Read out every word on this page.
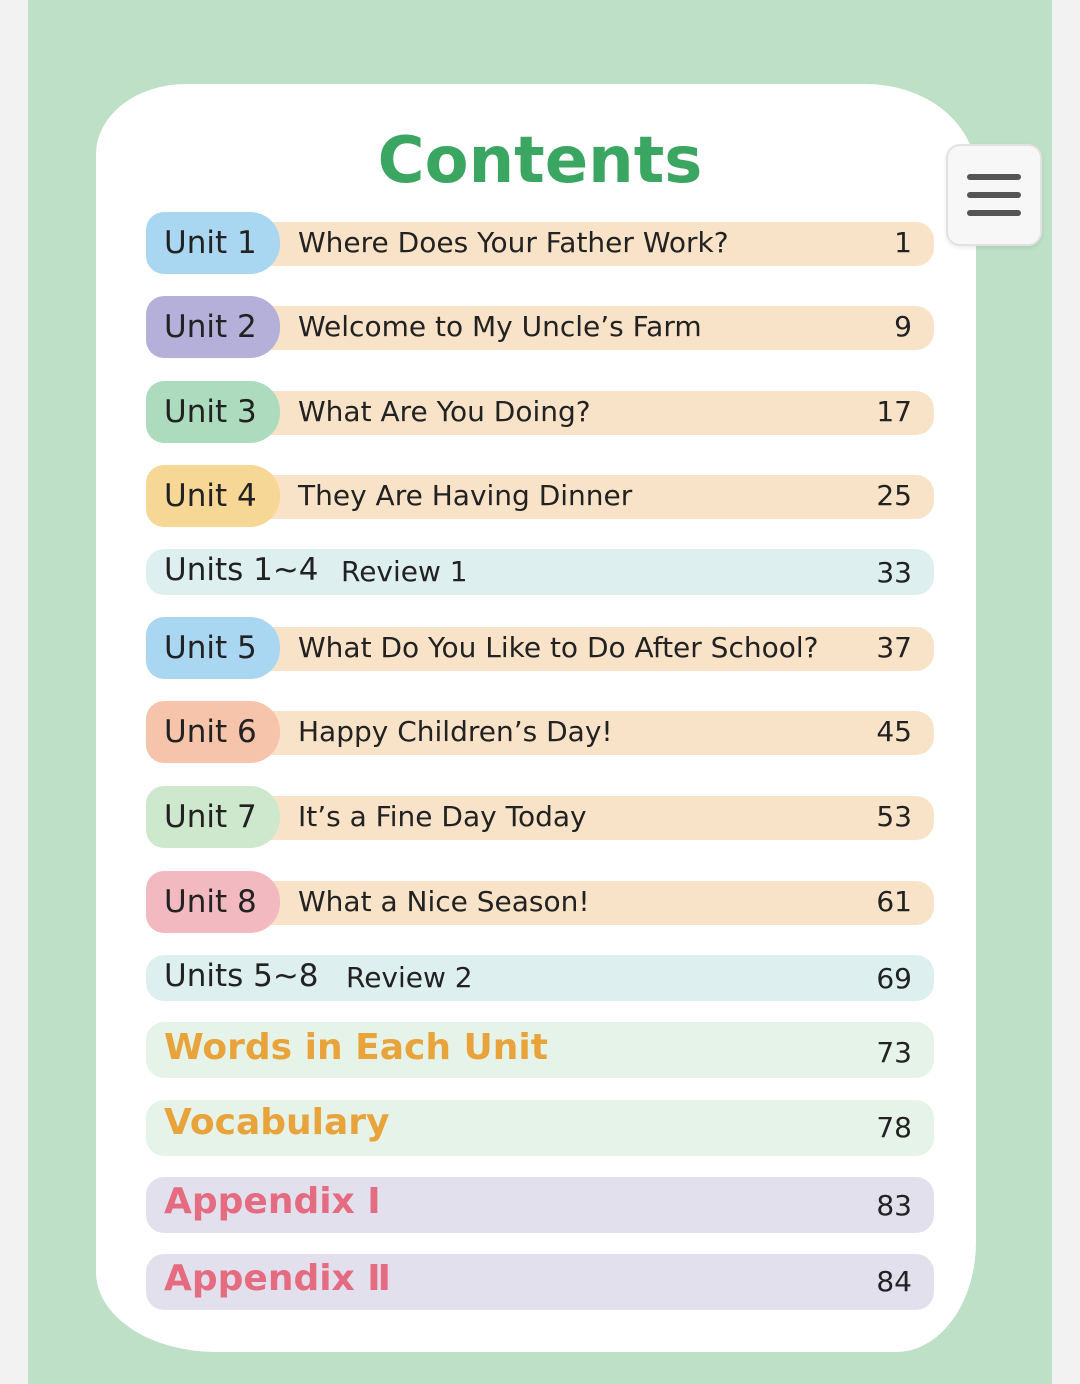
Contents
Unit 1	Where Does Your Father Work?	1
Unit 2	Welcome to My Uncle’s Farm	9
Unit 3	What Are You Doing?	17
Unit 4	They Are Having Dinner	25
Units 1~4 Review 1	33
Unit 5	What Do You Like to Do After School? 37
Unit 6	Happy Children’s Day!	45
Unit 7	It’s a Fine Day Today	53
Unit 8	What a Nice Season!	61
Units 5~8 Review 2	69
Words in Each Unit	73
Vocabulary	78
Appendix Ⅰ	83
Appendix Ⅱ	84
